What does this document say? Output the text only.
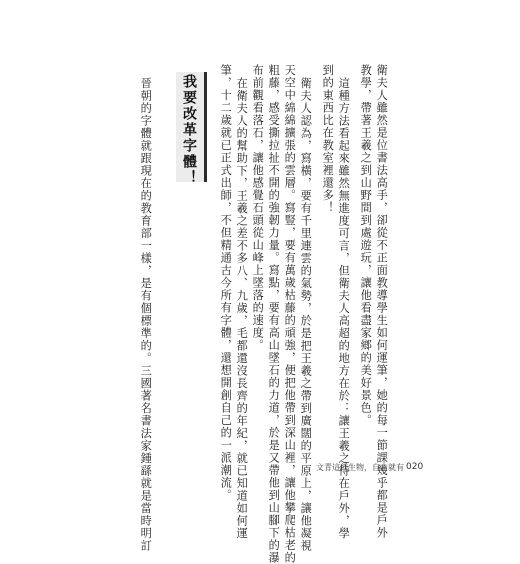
衛夫人雖然是位書法高手，卻從不正面教導學生如何運筆，她的每一節課幾乎都是戶外
教學，帶著王羲之到山野間到處遊玩，讓他看盡家鄉的美好景色。
這種方法看起來雖然無進度可言，但衛夫人高超的地方在於：讓王羲之待在戶外，學
到的東西比在教室裡還多！
衛夫人認為，寫橫，要有千里連雲的氣勢，於是把王羲之帶到廣闊的平原上，讓他凝視
天空中綿綿擴張的雲層。寫豎，要有萬歲枯藤的頑強，便把他帶到深山裡，讓他攀爬枯老的
粗藤，感受撕拉扯不開的強韌力量。寫點，要有高山墜石的力道，於是又帶他到山腳下的瀑
布前觀看落石，讓他感覺石頭從山峰上墜落的速度。
在衛夫人的幫助下，王羲之差不多八、九歲，毛都還沒長齊的年紀，就已知道如何運
筆，十二歲就已正式出師，不但精通古今所有字體，還想開創自己的一派潮流。
我要改革字體！
晉朝的字體就跟現在的教育部一樣，是有個標準的。三國著名書法家鍾繇就是當時明訂	文青這種生物，自古就有 020
